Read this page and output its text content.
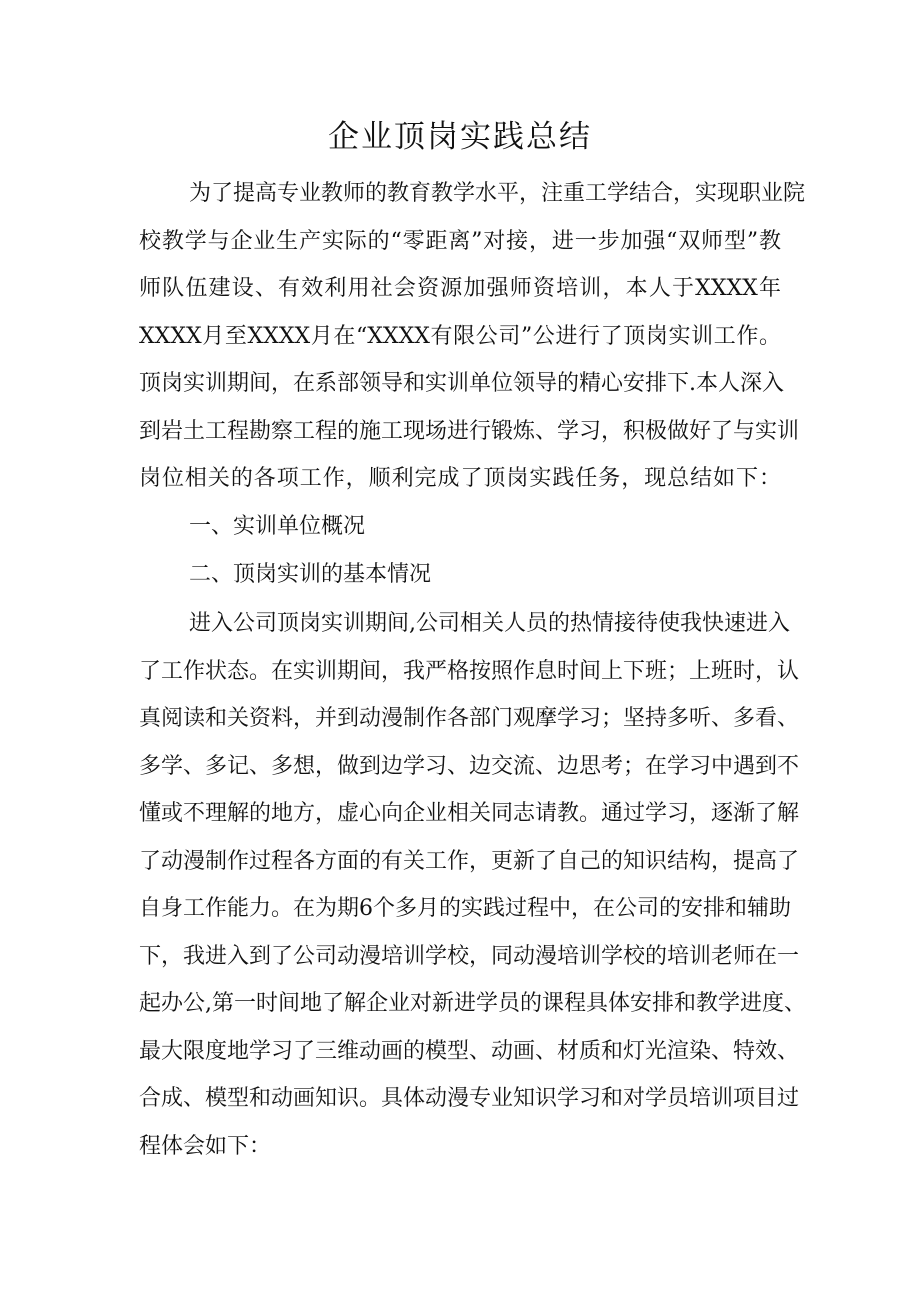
企业顶岗实践总结
为了提高专业教师的教育教学水平，注重工学结合，实现职业院
校教学与企业生产实际的“零距离”对接，进一步加强“双师型”教
师队伍建设、有效利用社会资源加强师资培训，本人于XXXX年
XXXX月至XXXX月在“XXXX有限公司”公进行了顶岗实训工作。
顶岗实训期间，在系部领导和实训单位领导的精心安排下.本人深入
到岩土工程勘察工程的施工现场进行锻炼、学习，积极做好了与实训
岗位相关的各项工作，顺利完成了顶岗实践任务，现总结如下：
一、实训单位概况
二、顶岗实训的基本情况
进入公司顶岗实训期间,公司相关人员的热情接待使我快速进入
了工作状态。在实训期间，我严格按照作息时间上下班；上班时，认
真阅读和关资料，并到动漫制作各部门观摩学习；坚持多听、多看、
多学、多记、多想，做到边学习、边交流、边思考；在学习中遇到不
懂或不理解的地方，虚心向企业相关同志请教。通过学习，逐渐了解
了动漫制作过程各方面的有关工作，更新了自己的知识结构，提高了
自身工作能力。在为期6个多月的实践过程中，在公司的安排和辅助
下，我进入到了公司动漫培训学校，同动漫培训学校的培训老师在一
起办公,第一时间地了解企业对新进学员的课程具体安排和教学进度、
最大限度地学习了三维动画的模型、动画、材质和灯光渲染、特效、
合成、模型和动画知识。具体动漫专业知识学习和对学员培训项目过
程体会如下：
